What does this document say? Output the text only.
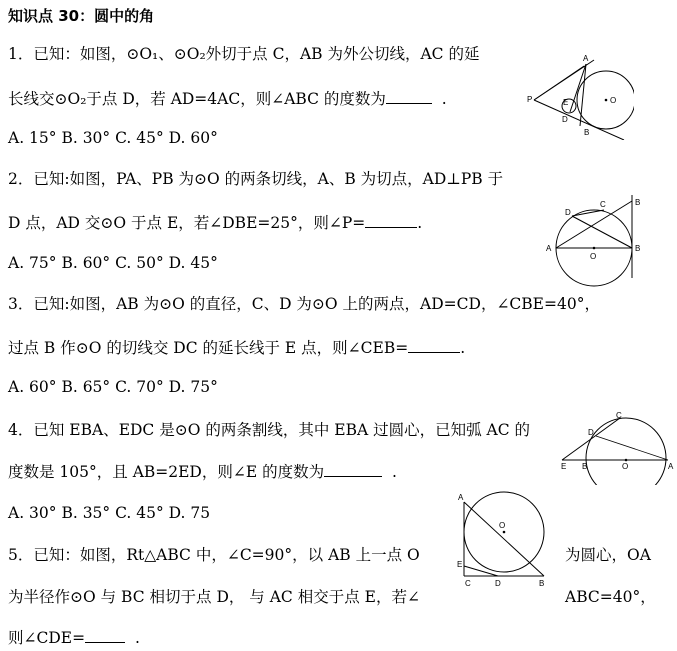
知识点 30：圆中的角
1．已知：如图，⊙O₁、⊙O₂外切于点 C，AB 为外公切线，AC 的延
长线交⊙O₂于点 D，若 AD=4AC，则∠ABC 的度数为	.
A. 15° B. 30° C. 45° D. 60°
A
P	E
D
B
O
2．已知:如图，PA、PB 为⊙O 的两条切线，A、B 为切点，AD⊥PB 于
D 点，AD 交⊙O 于点 E，若∠DBE=25°，则∠P=	.
A. 75° B. 60° C. 50° D. 45°
A
O
D
C	B
B
3．已知:如图，AB 为⊙O 的直径，C、D 为⊙O 上的两点，AD=CD，∠CBE=40°，
过点 B 作⊙O 的切线交 DC 的延长线于 E 点，则∠CEB=	.
A. 60° B. 65° C. 70° D. 75°
4．已知 EBA、EDC 是⊙O 的两条割线，其中 EBA 过圆心，已知弧 AC 的
度数是 105°，且 AB=2ED，则∠E 的度数为	.
A. 30° B. 35° C. 45° D. 75
E B	O	A
D
C
5．已知：如图，Rt△ABC 中，∠C=90°，以 AB 上一点 O	为圆心，OA
为半径作⊙O 与 BC 相切于点 D， 与 AC 相交于点 E，若∠	ABC=40°，
则∠CDE=	.
A
O
E
C	D	B
